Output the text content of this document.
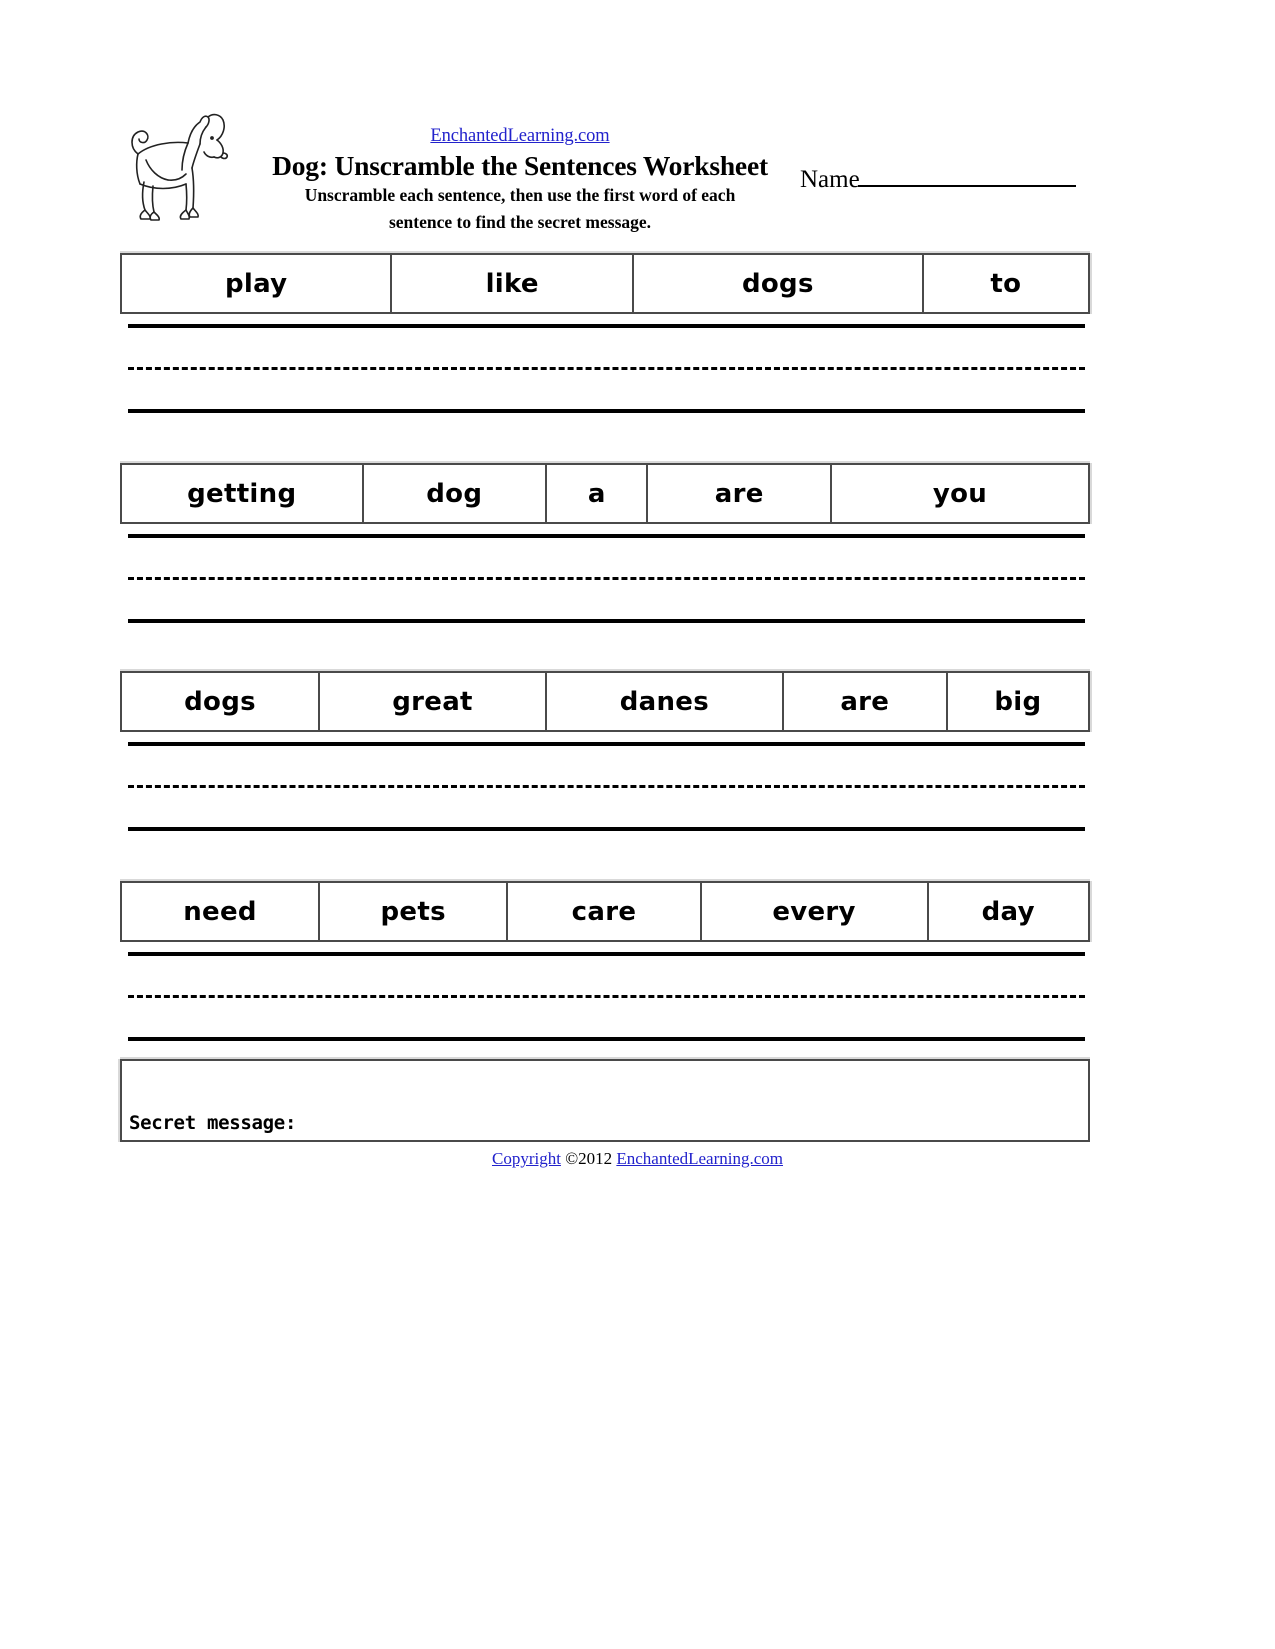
EnchantedLearning.com
Dog: Unscramble the Sentences Worksheet
Unscramble each sentence, then use the first word of each
sentence to find the secret message.
Name
play	like	dogs	to
getting	dog	a	are	you
dogs	great	danes	are	big
need	pets	care	every	day
Secret message:
Copyright ©2012 EnchantedLearning.com
